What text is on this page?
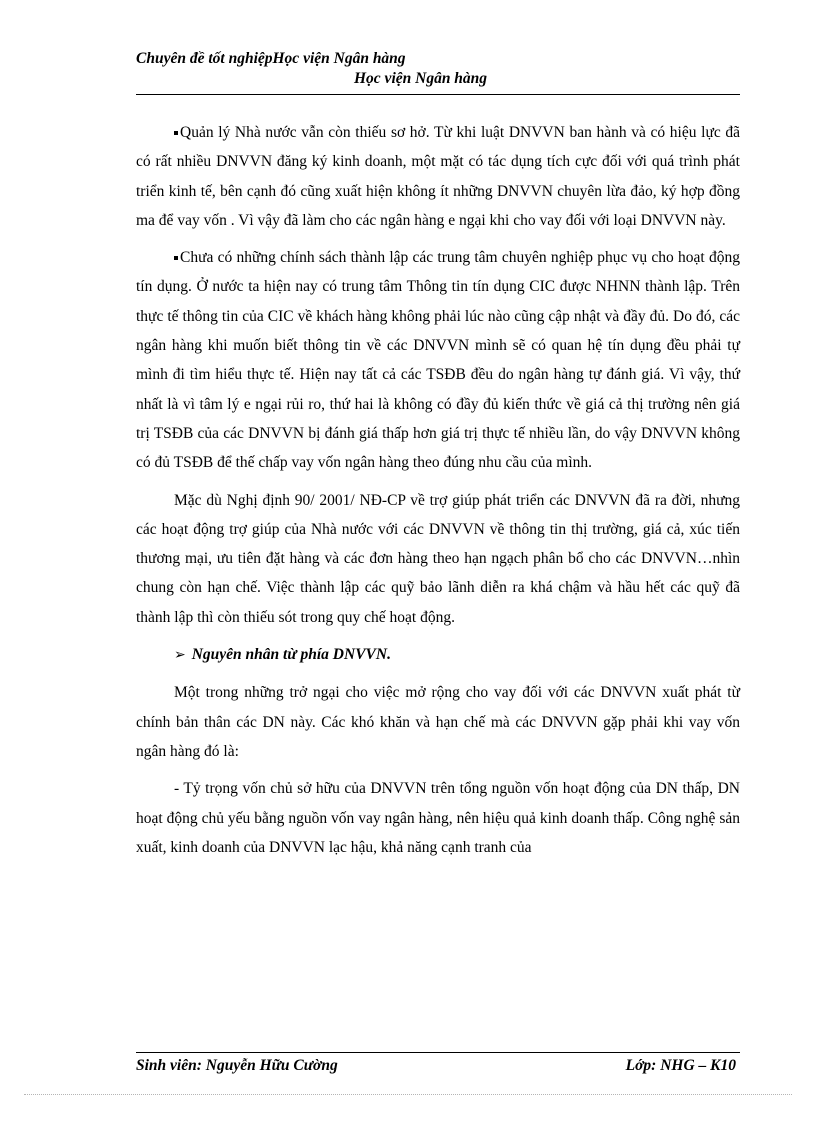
Chuyên đề tốt nghiệpHọc viện Ngân hàng
Học viện Ngân hàng

Quản lý Nhà nước vẫn còn thiếu sơ hở. Từ khi luật DNVVN ban hành và có hiệu lực đã có rất nhiều DNVVN đăng ký kinh doanh, một mặt có tác dụng tích cực đối với quá trình phát triển kinh tế, bên cạnh đó cũng xuất hiện không ít những DNVVN chuyên lừa đảo, ký hợp đồng ma để vay vốn . Vì vậy đã làm cho các ngân hàng e ngại khi cho vay đối với loại DNVVN này.

Chưa có những chính sách thành lập các trung tâm chuyên nghiệp phục vụ cho hoạt động tín dụng. Ở nước ta hiện nay có trung tâm Thông tin tín dụng CIC được NHNN thành lập. Trên thực tế thông tin của CIC về khách hàng không phải lúc nào cũng cập nhật và đầy đủ. Do đó, các ngân hàng khi muốn biết thông tin về các DNVVN mình sẽ có quan hệ tín dụng đều phải tự mình đi tìm hiểu thực tế. Hiện nay tất cả các TSĐB đều do ngân hàng tự đánh giá. Vì vậy, thứ nhất là vì tâm lý e ngại rủi ro, thứ hai là không có đầy đủ kiến thức về giá cả thị trường nên giá trị TSĐB của các DNVVN bị đánh giá thấp hơn giá trị thực tế nhiều lần, do vậy DNVVN không có đủ TSĐB để thế chấp vay vốn ngân hàng theo đúng nhu cầu của mình.

Mặc dù Nghị định 90/ 2001/ NĐ-CP về trợ giúp phát triển các DNVVN đã ra đời, nhưng các hoạt động trợ giúp của Nhà nước với các DNVVN về thông tin thị trường, giá cả, xúc tiến thương mại, ưu tiên đặt hàng và các đơn hàng theo hạn ngạch phân bổ cho các DNVVN…nhìn chung còn hạn chế. Việc thành lập các quỹ bảo lãnh diễn ra khá chậm và hầu hết các quỹ đã thành lập thì còn thiếu sót trong quy chế hoạt động.

➢ Nguyên nhân từ phía DNVVN.

Một trong những trở ngại cho việc mở rộng cho vay đối với các DNVVN xuất phát từ chính bản thân các DN này. Các khó khăn và hạn chế mà các DNVVN gặp phải khi vay vốn ngân hàng đó là:

- Tỷ trọng vốn chủ sở hữu của DNVVN trên tổng nguồn vốn hoạt động của DN thấp, DN hoạt động chủ yếu bằng nguồn vốn vay ngân hàng, nên hiệu quả kinh doanh thấp. Công nghệ sản xuất, kinh doanh của DNVVN lạc hậu, khả năng cạnh tranh của

Sinh viên: Nguyễn Hữu Cường	Lớp: NHG – K10
